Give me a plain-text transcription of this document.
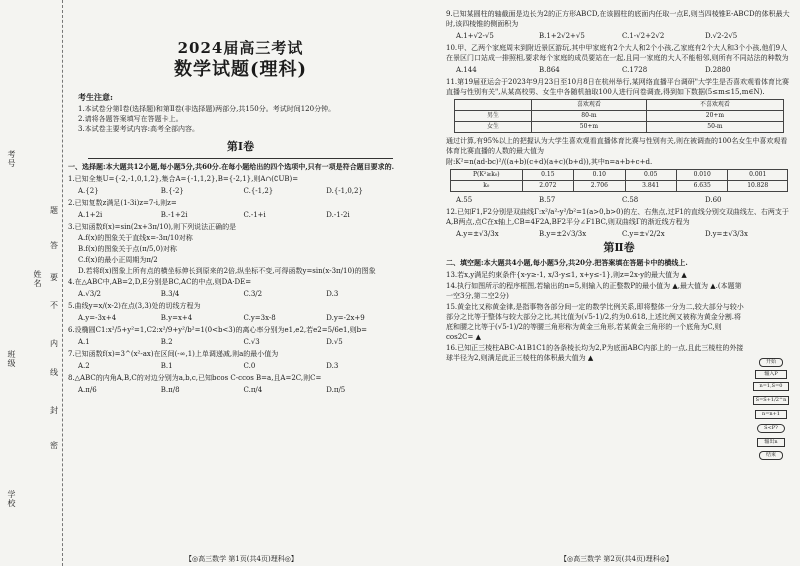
考号
班级
学校
姓名
题
答
要
不
内
线
封
密
2024届高三考试
数学试题(理科)
考生注意:
1.本试卷分第Ⅰ卷(选择题)和第Ⅱ卷(非选择题)两部分,共150分。考试时间120分钟。
2.请将各题答案填写在答题卡上。
3.本试卷主要考试内容:高考全部内容。
第Ⅰ卷
一、选择题:本大题共12小题,每小题5分,共60分.在每小题给出的四个选项中,只有一项是符合题目要求的.
1.已知全集U={-2,-1,0,1,2},集合A={-1,1,2},B={-2,1},则A∩(∁UB)=
A.{2}	B.{-2}	C.{-1,2}	D.{-1,0,2}
2.已知复数z满足(1-3i)z=7-i,则z=
A.1+2i	B.-1+2i	C.-1+i	D.-1-2i
3.已知函数f(x)=sin(2x+3π/10),则下列说法正确的是
A.f(x)的图象关于直线x=-3π/10对称
B.f(x)的图象关于点(π/5,0)对称
C.f(x)的最小正周期为π/2
D.若将f(x)图象上所有点的横坐标伸长到原来的2倍,纵坐标不变,可得函数y=sin(x-3π/10)的图象
4.在△ABC中,AB=2,D,E分别是BC,AC的中点,则DA·DE=
A.√3/2	B.3/4	C.3/2	D.3
5.曲线y=x/(x-2)在点(3,3)处的切线方程为
A.y=-3x+4	B.y=x+4	C.y=3x-8	D.y=-2x+9
6.设椭圆C1:x²/5+y²=1,C2:x²/9+y²/b²=1(0<b<3)的离心率分别为e1,e2,若e2=5/6e1,则b=
A.1	B.2	C.√3	D.√5
7.已知函数f(x)=3^(x²-ax)在区间(-∞,1)上单调递减,则a的最小值为
A.2	B.1	C.0	D.3
8.△ABC的内角A,B,C的对边分别为a,b,c,已知bcos C-ccos B=a,且A=2C,则C=
A.π/6	B.π/8	C.π/4	D.π/5
【◎高三数学 第1页(共4页)理科◎】
9.已知某圆柱的轴截面是边长为2的正方形ABCD,在该圆柱的底面内任取一点E,则当四棱锥E-ABCD的体积最大时,该四棱锥的侧面积为
A.1+√2-√5	B.1+2√2+√5	C.1-√2+2√2	D.√2-2√5
10.甲、乙两个家庭周末到附近景区游玩,其中甲家庭有2个大人和2个小孩,乙家庭有2个大人和3个小孩,他们9人在景区门口站成一排照相,要求每个家庭的成员要站在一起,且同一家庭的大人不能相邻,则所有不同站法的种数为
A.144	B.864	C.1728	D.2880
11.第19届亚运会于2023年9月23日至10月8日在杭州举行,某网络直播平台调研"大学生是否喜欢观看体育比赛直播与性别有关",从某高校男、女生中各随机抽取100人进行问卷调查,得到如下数据(5≤m≤15,m∈N).
	喜欢观看	不喜欢观看
男生	80-m	20+m
女生	50+m	50-m
通过计算,有95%以上的把握认为大学生喜欢观看直播体育比赛与性别有关,则在被调查的100名女生中喜欢观看体育比赛直播的人数的最大值为
附:K²=n(ad-bc)²/((a+b)(c+d)(a+c)(b+d)),其中n=a+b+c+d.
P(K²≥k₀)	0.15	0.10	0.05	0.010	0.001
k₀	2.072	2.706	3.841	6.635	10.828
A.55	B.57	C.58	D.60
12.已知F1,F2分别是双曲线Γ:x²/a²-y²/b²=1(a>0,b>0)的左、右焦点,过F1的直线分别交双曲线左、右两支于A,B两点,点C在x轴上,CB=4F2A,BF2平分∠F1BC,则双曲线Γ的渐近线方程为
A.y=±√3/3x	B.y=±2√3/3x	C.y=±√2/2x	D.y=±√3/3x
第Ⅱ卷
二、填空题:本大题共4小题,每小题5分,共20分.把答案填在答题卡中的横线上.
13.若x,y满足约束条件{x-y≥-1, x/3-y≤1, x+y≤-1},则z=2x-y的最大值为 ▲
14.执行如图所示的程序框图,若输出的n=5,则输入的正整数P的最小值为 ▲,最大值为 ▲.(本题第一空3分,第二空2分)
15.黄金比又称黄金律,是指事物各部分间一定的数学比例关系,即将整体一分为二,较大部分与较小部分之比等于整体与较大部分之比,其比值为(√5-1)/2,约为0.618,上述比例又被称为黄金分割.将底和腰之比等于(√5-1)/2的等腰三角形称为黄金三角形,若某黄金三角形的一个底角为C,则cos2C= ▲
16.已知正三棱柱ABC-A1B1C1的各条棱长均为2,P为底面ABC内部上的一点,且此三棱柱的外接球半径为2,则满足此正三棱柱的体积最大值为 ▲	开始
输入P
n=1,S=0
S=S+1/2^n
n=n+1
S<P?
输出n
结束
【◎高三数学 第2页(共4页)理科◎】
